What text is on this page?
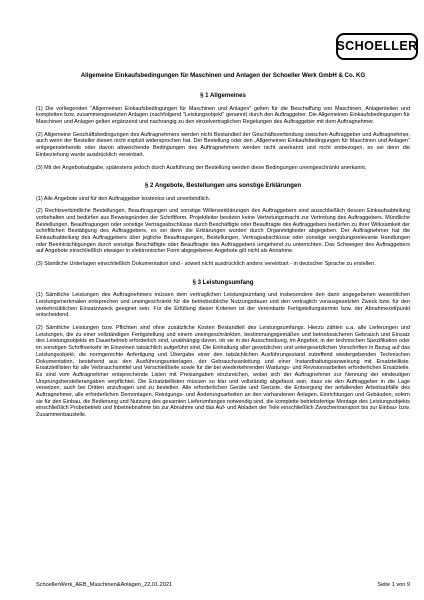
SCHOELLER
Allgemeine Einkaufsbedingungen für Maschinen und Anlagen der Schoeller Werk GmbH & Co. KG
§ 1 Allgemeines

(1) Die vorliegenden "Allgemeinen Einkaufsbedingungen für Maschinen und Anlagen" gelten für die Beschaffung von Maschinen, Anlagenteilen und kompletten bzw. zusammengesetzten Anlagen (nachfolgend "Leistungsobjekt" genannt) durch den Auftraggeber. Die Allgemeinen Einkaufsbedingungen für Maschinen und Anlagen gelten ergänzend und nachrangig zu den einzelvertraglichen Regelungen des Auftraggeber mit dem Auftragnehmer.

(2) Allgemeine Geschäftsbedingungen des Auftragnehmers werden nicht Bestandteil der Geschäftsverbindung zwischen Auftraggeber und Auftragnehmer, auch wenn der Besteller diesen nicht explizit widersprochen hat. Der Bestellung oder den „Allgemeinen Einkaufsbedingungen für Maschinen und Anlagen“ entgegenstehende oder davon abweichende Bedingungen des Auftragnehmers werden nicht anerkannt und nicht einbezogen, es sei denn die Einbeziehung wurde ausdrücklich vereinbart.

(3) Mit der Angebotsabgabe, spätestens jedoch durch Ausführung der Bestellung werden diese Bedingungen uneingeschränkt anerkannt.

§ 2 Angebote, Bestellungen uns sonstige Erklärungen

(1) Alle Angebote sind für den Auftraggeber kostenlos und unverbindlich.

(2) Rechtsverbindliche Bestellungen, Beauftragungen und sonstige Willenserklärungen des Auftraggebers sind ausschließlich dessen Einkaufsabteilung vorbehalten und bedürfen aus Beweisgründen der Schriftform. Projektleiter besitzen keine Vertretungsmacht zur Vertretung des Auftraggebers. Mündliche Bestellungen, Beauftragungen oder sonstige Vertragsabschlüsse durch Beschäftigte oder Beauftragte des Auftraggebers bedürfen zu ihrer Wirksamkeit der schriftlichen Bestätigung des Auftraggebers, es sei denn die Erklärungen wurden durch Organmitglieder abgegeben. Der Auftragnehmer hat die Einkaufsabteilung des Auftraggebers über jegliche Beauftragungen, Bestellungen, Vertragsabschlüsse oder sonstige vergütungsrelevante Handlungen oder Beeinträchtigungen durch sonstige Beschäftigte oder Beauftragte des Auftraggebers umgehend zu unterrichten. Das Schweigen des Auftraggebers auf Angebote einschließlich etwaiger in elektronischer Form abgegebener Angebote gilt nicht als Annahme.

(3) Sämtliche Unterlagen einschließlich Dokumentation sind - soweit nicht ausdrücklich anders vereinbart - in deutscher Sprache zu erstellen.

§ 3 Leistungsumfang

(1) Sämtliche Leistungen des Auftragnehmers müssen dem vertraglichen Leistungsumfang und insbesondere den dann angegebenen wesentlichen Leistungsmerkmalen entsprechen und uneingeschränkt für die betriebsübliche Nutzungsdauer und den vertraglich vorausgesetzten Zweck bzw. für den verkehrsüblichen Einsatzzweck geeignet sein. Für die Erfüllung dieser Kriterien ist der vereinbarte Fertigstellungstermin bzw. der Abnahmezeitpunkt entscheidend.

(2) Sämtliche Leistungen bzw. Pflichten sind ohne zusätzliche Kosten Bestandteil des Leistungsumfangs. Hierzu zählen u.a. alle Lieferungen und Leistungen, die zu einer vollständigen Fertigstellung und einem uneingeschränkten, bestimmungsgemäßen und betriebssicheren Gebrauch und Einsatz des Leistungsobjekts im Dauerbetrieb erforderlich sind, unabhängig davon, ob sie in der Ausschreibung, im Angebot, in der technischen Spezifikation oder im sonstigen Schriftverkehr im Einzelnen tatsächlich aufgeführt sind. Die Einhaltung aller gesetzlichen und untergesetzlichen Vorschriften in Bezug auf das Leistungsobjekt, die normgerechte Anfertigung und Übergabe einer den tatsächlichen Ausführungsstand zutreffend wiedergebenden Technischen Dokumentation, bestehend aus den Ausführungsunterlagen, der Gebrauchsanleitung und einer Instandhaltungsanweisung mit Ersatzteilliste. Ersatzteillisten für alle Verbrauchsmittel und Verschleißteile sowie für die bei wiederkehrenden Wartungs- und Revisionsarbeiten erforderlichen Ersatzteile. Es sind vom Auftragnehmer entsprechende Listen mit Preisangaben einzureichen, wobei sich der Auftragnehmer zur Nennung der eindeutigen Ursprungsherstellerangaben verpflichtet. Die Ersatzteillisten müssen so klar und vollständig abgefasst sein, dass sie den Auftraggeber in die Lage versetzen, auch bei Dritten anzufragen und zu bestellen. Alle erforderlichen Geräte und Gerüste, die Entsorgung der anfallenden Arbeitsabfälle des Auftragnehmer, alle erforderlichen Demontagen, Reinigungs- und Änderungsarbeiten an den vorhandenen Anlagen, Einrichtungen und Gebäuden, sofern sie für den Einbau, die Bedienung und Nutzung des gesamten Lieferumfanges notwendig sind, die komplette betriebsfertige Montage des Leistungsobjekts einschließlich Probebetrieb und Inbetriebnahme bis zur Abnahme und das Auf- und Abladen der Teile einschließlich Zwischentransport bis zur Einbau- bzw. Zusammenbaustelle.

SchoellerWerk_AEB_Maschinen&Anlagen_22.01.2021	Seite 1 von 9
